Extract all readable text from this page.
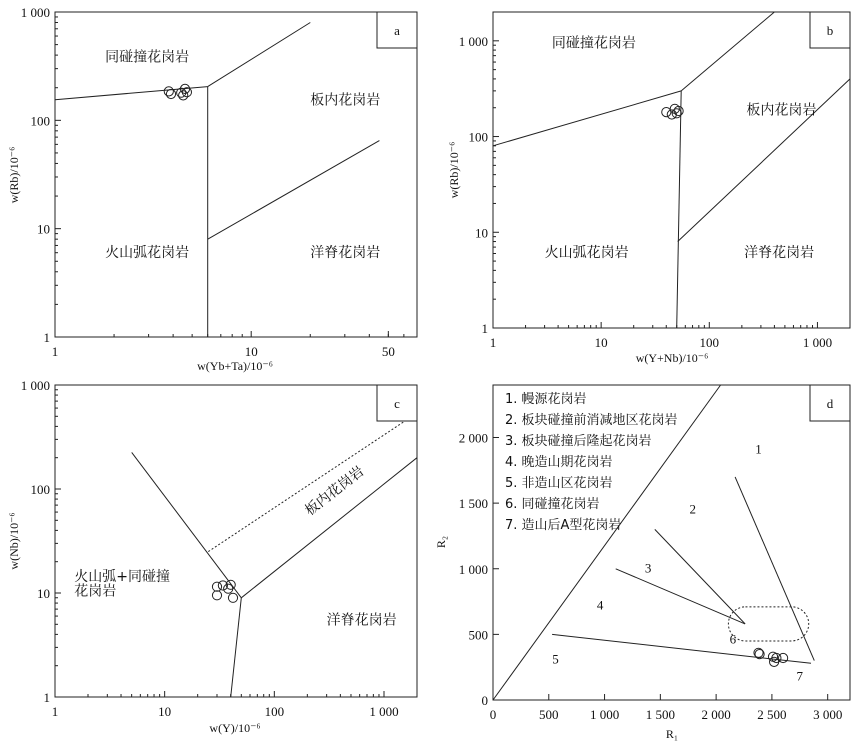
1	10	50
1
10
100
1 000
w(Yb+Ta)/10⁻⁶
w(Rb)/10⁻⁶
a
同碰撞花岗岩
板内花岗岩
火山弧花岗岩	洋脊花岗岩
1	10	100	1 000
1
10
100
1 000
w(Y+Nb)/10⁻⁶
w(Rb)/10⁻⁶
b
同碰撞花岗岩
板内花岗岩
火山弧花岗岩	洋脊花岗岩
1	10	100	1 000
1
10
100
1 000
w(Y)/10⁻⁶
w(Nb)/10⁻⁶
c
板内花岗岩
火山弧+同碰撞
花岗岩
洋脊花岗岩
0	500 1 000 1 500 2 000 2 500 3 000
0
500
1 000
1 500
2 000
R₁
R₂
d
1
2
3
4
5
6
7
1. 幔源花岗岩
2. 板块碰撞前消减地区花岗岩
3. 板块碰撞后隆起花岗岩
4. 晚造山期花岗岩
5. 非造山区花岗岩
6. 同碰撞花岗岩
7. 造山后A型花岗岩
